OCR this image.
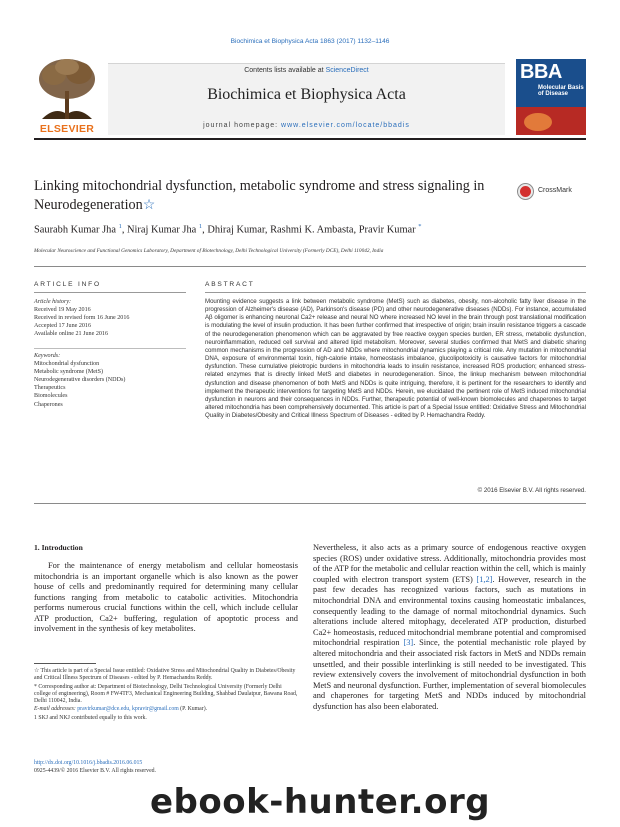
Biochimica et Biophysica Acta 1863 (2017) 1132–1146
ELSEVIER
Contents lists available at ScienceDirect
Biochimica et Biophysica Acta
journal homepage: www.elsevier.com/locate/bbadis
BBA
Molecular Basis of Disease
Linking mitochondrial dysfunction, metabolic syndrome and stress signaling in Neurodegeneration☆
CrossMark
Saurabh Kumar Jha $^1$, Niraj Kumar Jha $^1$, Dhiraj Kumar, Rashmi K. Ambasta, Pravir Kumar *
Molecular Neuroscience and Functional Genomics Laboratory, Department of Biotechnology, Delhi Technological University (Formerly DCE), Delhi 110042, India
ARTICLE INFO
Article history:
Received 19 May 2016
Received in revised form 16 June 2016
Accepted 17 June 2016
Available online 21 June 2016
Keywords:
Mitochondrial dysfunction
Metabolic syndrome (MetS)
Neurodegenerative disorders (NDDs)
Therapeutics
Biomolecules
Chaperones
ABSTRACT
Mounting evidence suggests a link between metabolic syndrome (MetS) such as diabetes, obesity, non-alcoholic fatty liver disease in the progression of Alzheimer's disease (AD), Parkinson's disease (PD) and other neurodegenerative diseases (NDDs). For instance, accumulated Aβ oligomer is enhancing neuronal Ca2+ release and neural NO where increased NO level in the brain through post translational modification is modulating the level of insulin production. It has been further confirmed that irrespective of origin; brain insulin resistance triggers a cascade of the neurodegeneration phenomenon which can be aggravated by free reactive oxygen species burden, ER stress, metabolic dysfunction, neuroinflammation, reduced cell survival and altered lipid metabolism. Moreover, several studies confirmed that MetS and diabetic sharing common mechanisms in the progression of AD and NDDs where mitochondrial dynamics playing a critical role. Any mutation in mitochondrial DNA, exposure of environmental toxin, high-calorie intake, homeostasis imbalance, glucolipotoxicity is causative factors for mitochondrial dysfunction. These cumulative pleiotropic burdens in mitochondria leads to insulin resistance, increased ROS production; enhanced stress-related enzymes that is directly linked MetS and diabetes in neurodegeneration. Since, the linkup mechanism between mitochondrial dysfunction and disease phenomenon of both MetS and NDDs is quite intriguing, therefore, it is pertinent for the researchers to identify and implement the therapeutic interventions for targeting MetS and NDDs. Herein, we elucidated the pertinent role of MetS induced mitochondrial dysfunction in neurons and their consequences in NDDs. Further, therapeutic potential of well-known biomolecules and chaperones to target altered mitochondria has been comprehensively documented. This article is part of a Special Issue entitled: Oxidative Stress and Mitochondrial Quality in Diabetes/Obesity and Critical Illness Spectrum of Diseases - edited by P. Hemachandra Reddy.
© 2016 Elsevier B.V. All rights reserved.
1. Introduction
For the maintenance of energy metabolism and cellular homeostasis mitochondria is an important organelle which is also known as the power house of cells and predominantly required for determining many cellular functions ranging from metabolic to catabolic activities. Mitochondria performs numerous crucial functions within the cell, which include cellular ATP production, Ca2+ buffering, regulation of apoptotic process and involvement in the synthesis of key metabolites.
Nevertheless, it also acts as a primary source of endogenous reactive oxygen species (ROS) under oxidative stress. Additionally, mitochondria provides most of the ATP for the metabolic and cellular reaction within the cell, which is mainly coupled with electron transport system (ETS) [1,2]. However, research in the past few decades has recognized various factors, such as mutations in mitochondrial DNA and environmental toxins causing homeostatic imbalances, consequently leading to the damage of normal mitochondrial dynamics. Such alterations include altered mitophagy, decelerated ATP production, disturbed Ca2+ homeostasis, reduced mitochondrial membrane potential and compromised mitochondrial respiration [3]. Since, the potential mechanistic role played by altered mitochondria and their associated risk factors in MetS and NDDs remain unsettled, and their possible interlinking is still needed to be investigated. This review extensively covers the involvement of mitochondrial dysfunction in both MetS and neuronal dysfunction. Further, implementation of several biomolecules and chaperones for targeting MetS and NDDs induced by mitochondrial dysfunction has also been elaborated.
☆ This article is part of a Special Issue entitled: Oxidative Stress and Mitochondrial Quality in Diabetes/Obesity and Critical Illness Spectrum of Diseases - edited by P. Hemachandra Reddy.
* Corresponding author at: Department of Biotechnology, Delhi Technological University (Formerly Delhi college of engineering), Room # FW4TF3, Mechanical Engineering Building, Shahbad Daulatpur, Bawana Road, Delhi 110042, India.
E-mail addresses: pravirkumar@dce.edu, kpravir@gmail.com (P. Kumar).
1 SKJ and NKJ contributed equally to this work.
http://dx.doi.org/10.1016/j.bbadis.2016.06.015
0925-4439/© 2016 Elsevier B.V. All rights reserved.
ebook-hunter.org
